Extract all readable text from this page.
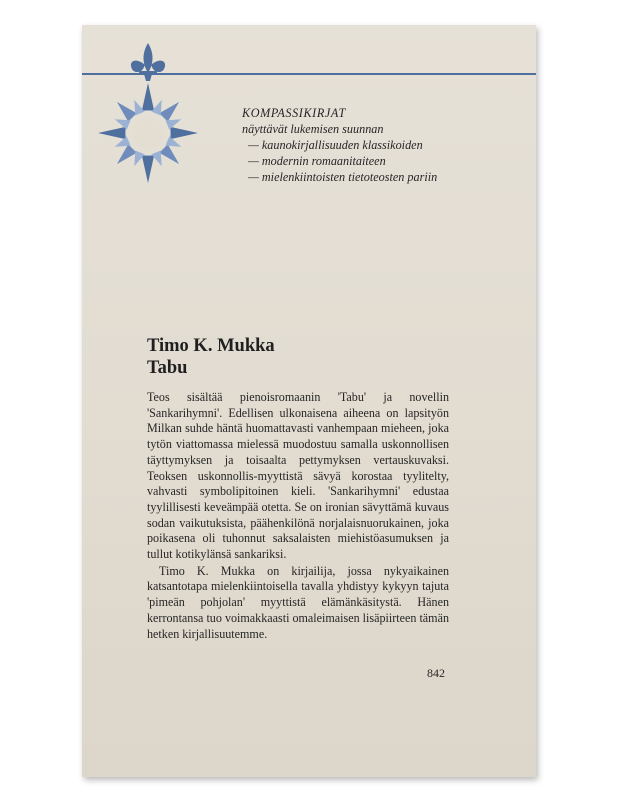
KOMPASSIKIRJAT
näyttävät lukemisen suunnan
— kaunokirjallisuuden klassikoiden
— modernin romaanitaiteen
— mielenkiintoisten tietoteosten pariin
Timo K. Mukka
Tabu

Teos sisältää pienoisromaanin 'Tabu' ja novellin 'Sankarihymni'. Edellisen ulkonaisena aiheena on lapsityön Milkan suhde häntä huomattavasti vanhempaan mieheen, joka tytön viattomassa mielessä muodostuu samalla uskonnollisen täyttymyksen ja toisaalta pettymyksen vertauskuvaksi. Teoksen uskonnollis-myyttistä sävyä korostaa tyylitelty, vahvasti symbolipitoinen kieli. 'Sankarihymni' edustaa tyylillisesti keveämpää otetta. Se on ironian sävyttämä kuvaus sodan vaikutuksista, päähenkilönä norjalaisnuorukainen, joka poikasena oli tuhonnut saksalaisten miehistöasumuksen ja tullut kotikylänsä sankariksi.

Timo K. Mukka on kirjailija, jossa nykyaikainen katsantotapa mielenkiintoisella tavalla yhdistyy kykyyn tajuta 'pimeän pohjolan' myyttistä elämänkäsitystä. Hänen kerrontansa tuo voimakkaasti omaleimaisen lisäpiirteen tämän hetken kirjallisuutemme.

842
